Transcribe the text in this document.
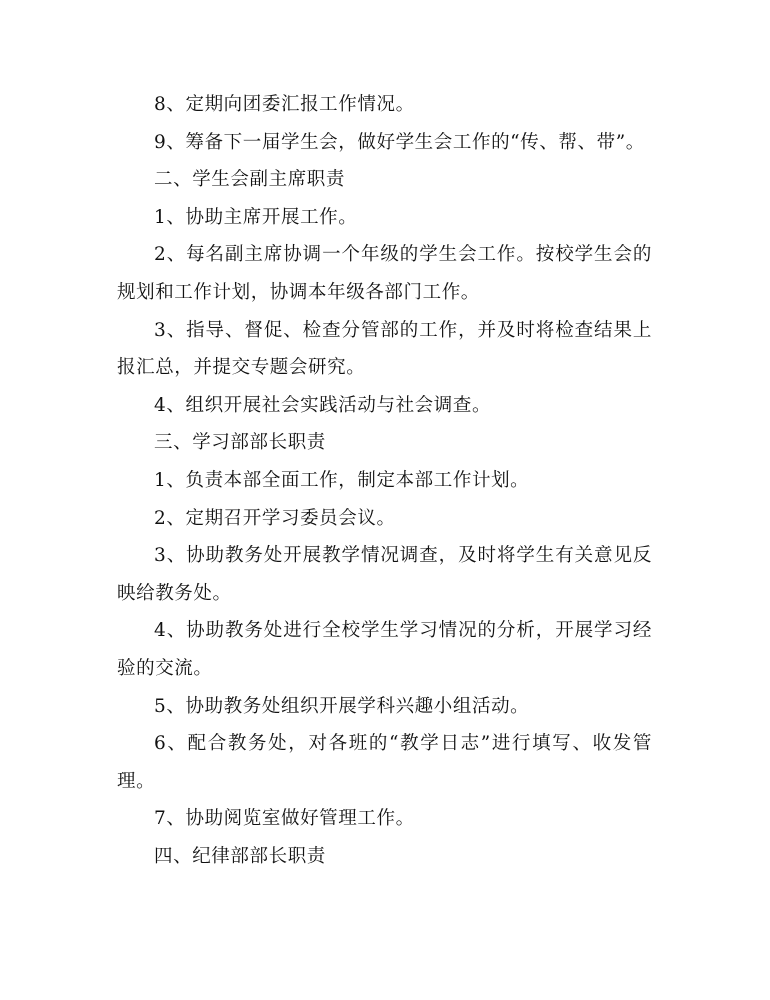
8、定期向团委汇报工作情况。

9、筹备下一届学生会，做好学生会工作的“传、帮、带”。

二、学生会副主席职责

1、协助主席开展工作。

2、每名副主席协调一个年级的学生会工作。按校学生会的规划和工作计划，协调本年级各部门工作。

3、指导、督促、检查分管部的工作，并及时将检查结果上报汇总，并提交专题会研究。

4、组织开展社会实践活动与社会调查。

三、学习部部长职责

1、负责本部全面工作，制定本部工作计划。

2、定期召开学习委员会议。

3、协助教务处开展教学情况调查，及时将学生有关意见反映给教务处。

4、协助教务处进行全校学生学习情况的分析，开展学习经验的交流。

5、协助教务处组织开展学科兴趣小组活动。

6、配合教务处，对各班的“教学日志”进行填写、收发管理。

7、协助阅览室做好管理工作。

四、纪律部部长职责
